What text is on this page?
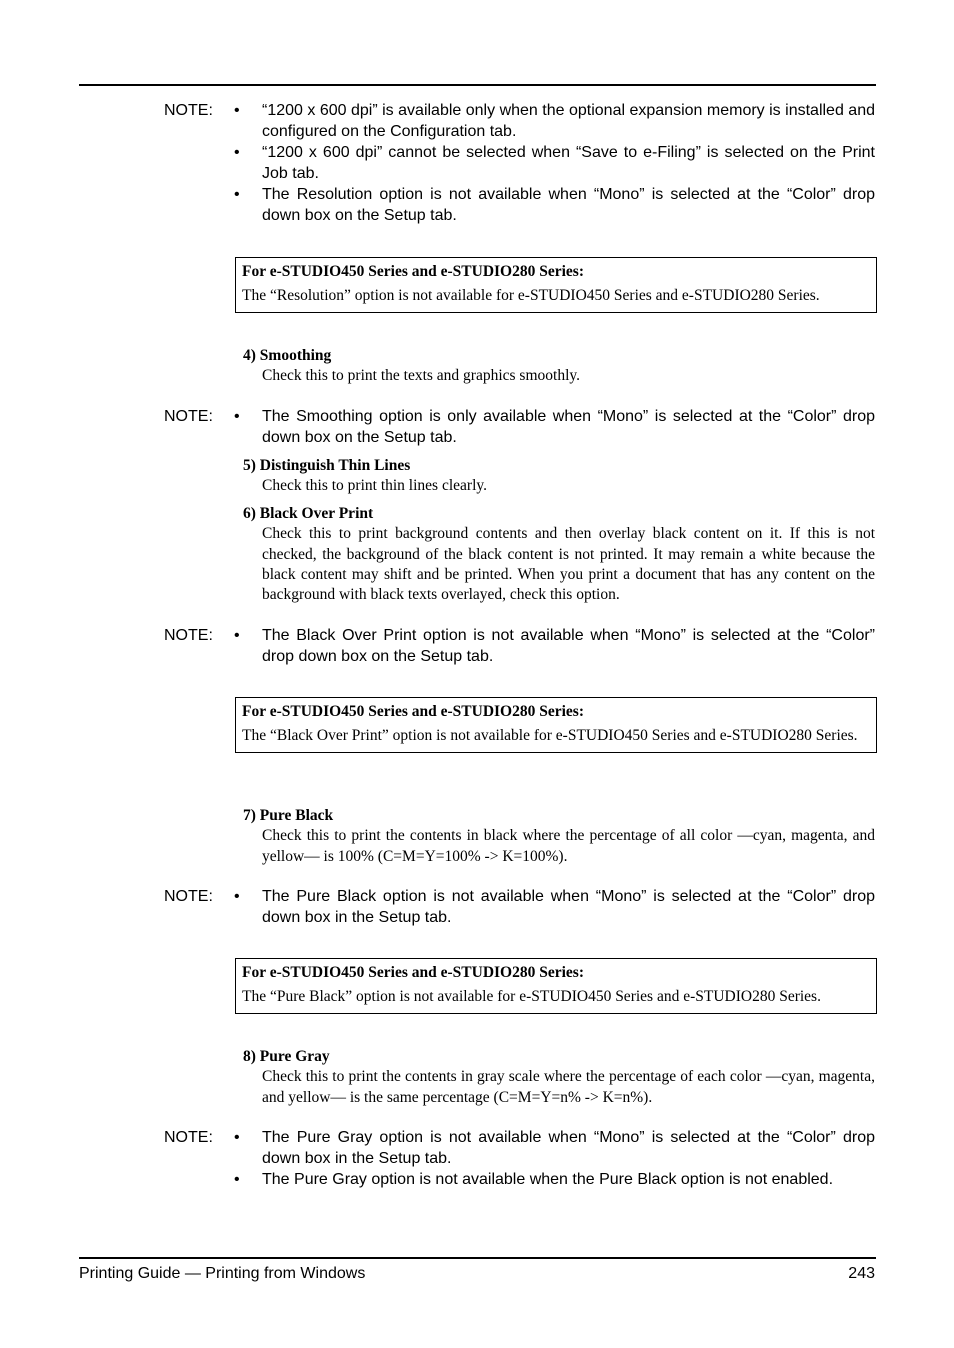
NOTE: • “1200 x 600 dpi” is available only when the optional expansion memory is installed and configured on the Configuration tab.
• “1200 x 600 dpi” cannot be selected when “Save to e-Filing” is selected on the Print Job tab.
• The Resolution option is not available when “Mono” is selected at the “Color” drop down box on the Setup tab.
For e-STUDIO450 Series and e-STUDIO280 Series:
The “Resolution” option is not available for e-STUDIO450 Series and e-STUDIO280 Series.
4) Smoothing
Check this to print the texts and graphics smoothly.
NOTE: • The Smoothing option is only available when “Mono” is selected at the “Color” drop down box on the Setup tab.
5) Distinguish Thin Lines
Check this to print thin lines clearly.
6) Black Over Print
Check this to print background contents and then overlay black content on it. If this is not checked, the background of the black content is not printed. It may remain a white because the black content may shift and be printed. When you print a document that has any content on the background with black texts overlayed, check this option.
NOTE: • The Black Over Print option is not available when “Mono” is selected at the “Color” drop down box on the Setup tab.
For e-STUDIO450 Series and e-STUDIO280 Series:
The “Black Over Print” option is not available for e-STUDIO450 Series and e-STUDIO280 Series.
7) Pure Black
Check this to print the contents in black where the percentage of all color —cyan, magenta, and yellow— is 100% (C=M=Y=100% -> K=100%).
NOTE: • The Pure Black option is not available when “Mono” is selected at the “Color” drop down box in the Setup tab.
For e-STUDIO450 Series and e-STUDIO280 Series:
The “Pure Black” option is not available for e-STUDIO450 Series and e-STUDIO280 Series.
8) Pure Gray
Check this to print the contents in gray scale where the percentage of each color —cyan, magenta, and yellow— is the same percentage (C=M=Y=n% -> K=n%).
NOTE: • The Pure Gray option is not available when “Mono” is selected at the “Color” drop down box in the Setup tab.
• The Pure Gray option is not available when the Pure Black option is not enabled.
Printing Guide — Printing from Windows	243
